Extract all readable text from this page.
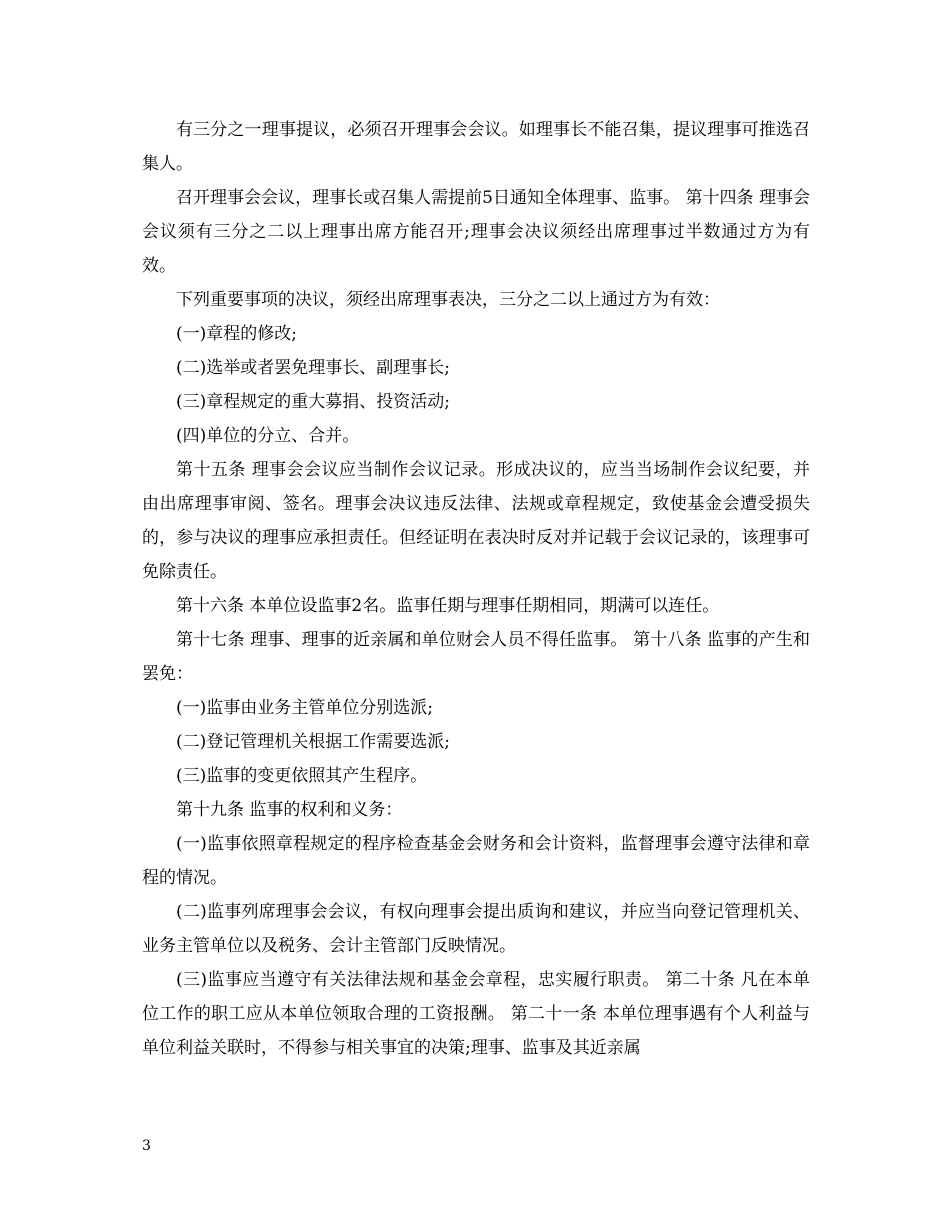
有三分之一理事提议，必须召开理事会会议。如理事长不能召集，提议理事可推选召集人。

召开理事会会议，理事长或召集人需提前5日通知全体理事、监事。 第十四条 理事会会议须有三分之二以上理事出席方能召开;理事会决议须经出席理事过半数通过方为有效。

下列重要事项的决议，须经出席理事表决，三分之二以上通过方为有效：

(一)章程的修改;

(二)选举或者罢免理事长、副理事长;

(三)章程规定的重大募捐、投资活动;

(四)单位的分立、合并。

第十五条 理事会会议应当制作会议记录。形成决议的，应当当场制作会议纪要，并由出席理事审阅、签名。理事会决议违反法律、法规或章程规定，致使基金会遭受损失的，参与决议的理事应承担责任。但经证明在表决时反对并记载于会议记录的，该理事可免除责任。

第十六条 本单位设监事2名。监事任期与理事任期相同，期满可以连任。

第十七条 理事、理事的近亲属和单位财会人员不得任监事。 第十八条 监事的产生和罢免：

(一)监事由业务主管单位分别选派;

(二)登记管理机关根据工作需要选派;

(三)监事的变更依照其产生程序。

第十九条 监事的权利和义务：

(一)监事依照章程规定的程序检查基金会财务和会计资料，监督理事会遵守法律和章程的情况。

(二)监事列席理事会会议，有权向理事会提出质询和建议，并应当向登记管理机关、业务主管单位以及税务、会计主管部门反映情况。

(三)监事应当遵守有关法律法规和基金会章程，忠实履行职责。 第二十条 凡在本单位工作的职工应从本单位领取合理的工资报酬。 第二十一条 本单位理事遇有个人利益与单位利益关联时，不得参与相关事宜的决策;理事、监事及其近亲属

3
